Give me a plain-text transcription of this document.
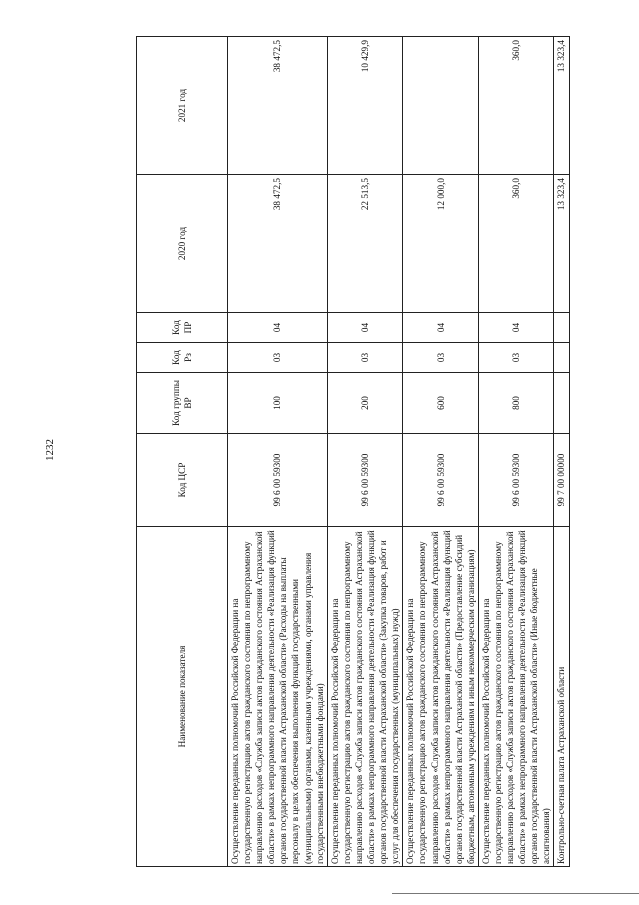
1232
Наименование показателя	Код ЦСР	Код группы ВР	Код Рз	Код ПР	2020 год	2021 год
Осуществление переданных полномочий Российской Федерации на государственную регистрацию актов гражданского состояния по непрограммному направлению расходов «Служба записи актов гражданского состояния Астраханской области» в рамках непрограммного направления деятельности «Реализация функций органов государственной власти Астраханской области» (Расходы на выплаты персоналу в целях обеспечения выполнения функций государственными (муниципальными) органами, казенными учреждениями, органами управления государственными внебюджетными фондами)	99 6 00 59300	100	03	04	38 472,5	38 472,5
Осуществление переданных полномочий Российской Федерации на государственную регистрацию актов гражданского состояния по непрограммному направлению расходов «Служба записи актов гражданского состояния Астраханской области» в рамках непрограммного направления деятельности «Реализация функций органов государственной власти Астраханской области» (Закупка товаров, работ и услуг для обеспечения государственных (муниципальных) нужд)	99 6 00 59300	200	03	04	22 513,5	10 429,9
Осуществление переданных полномочий Российской Федерации на государственную регистрацию актов гражданского состояния по непрограммному направлению расходов «Служба записи актов гражданского состояния Астраханской области» в рамках непрограммного направления деятельности «Реализация функций органов государственной власти Астраханской области» (Предоставление субсидий бюджетным, автономным учреждениям и иным некоммерческим организациям)	99 6 00 59300	600	03	04	12 000,0	
Осуществление переданных полномочий Российской Федерации на государственную регистрацию актов гражданского состояния по непрограммному направлению расходов «Служба записи актов гражданского состояния Астраханской области» в рамках непрограммного направления деятельности «Реализация функций органов государственной власти Астраханской области» (Иные бюджетные ассигнования)	99 6 00 59300	800	03	04	360,0	360,0
Контрольно-счетная палата Астраханской области	99 7 00 00000				13 323,4	13 323,4
